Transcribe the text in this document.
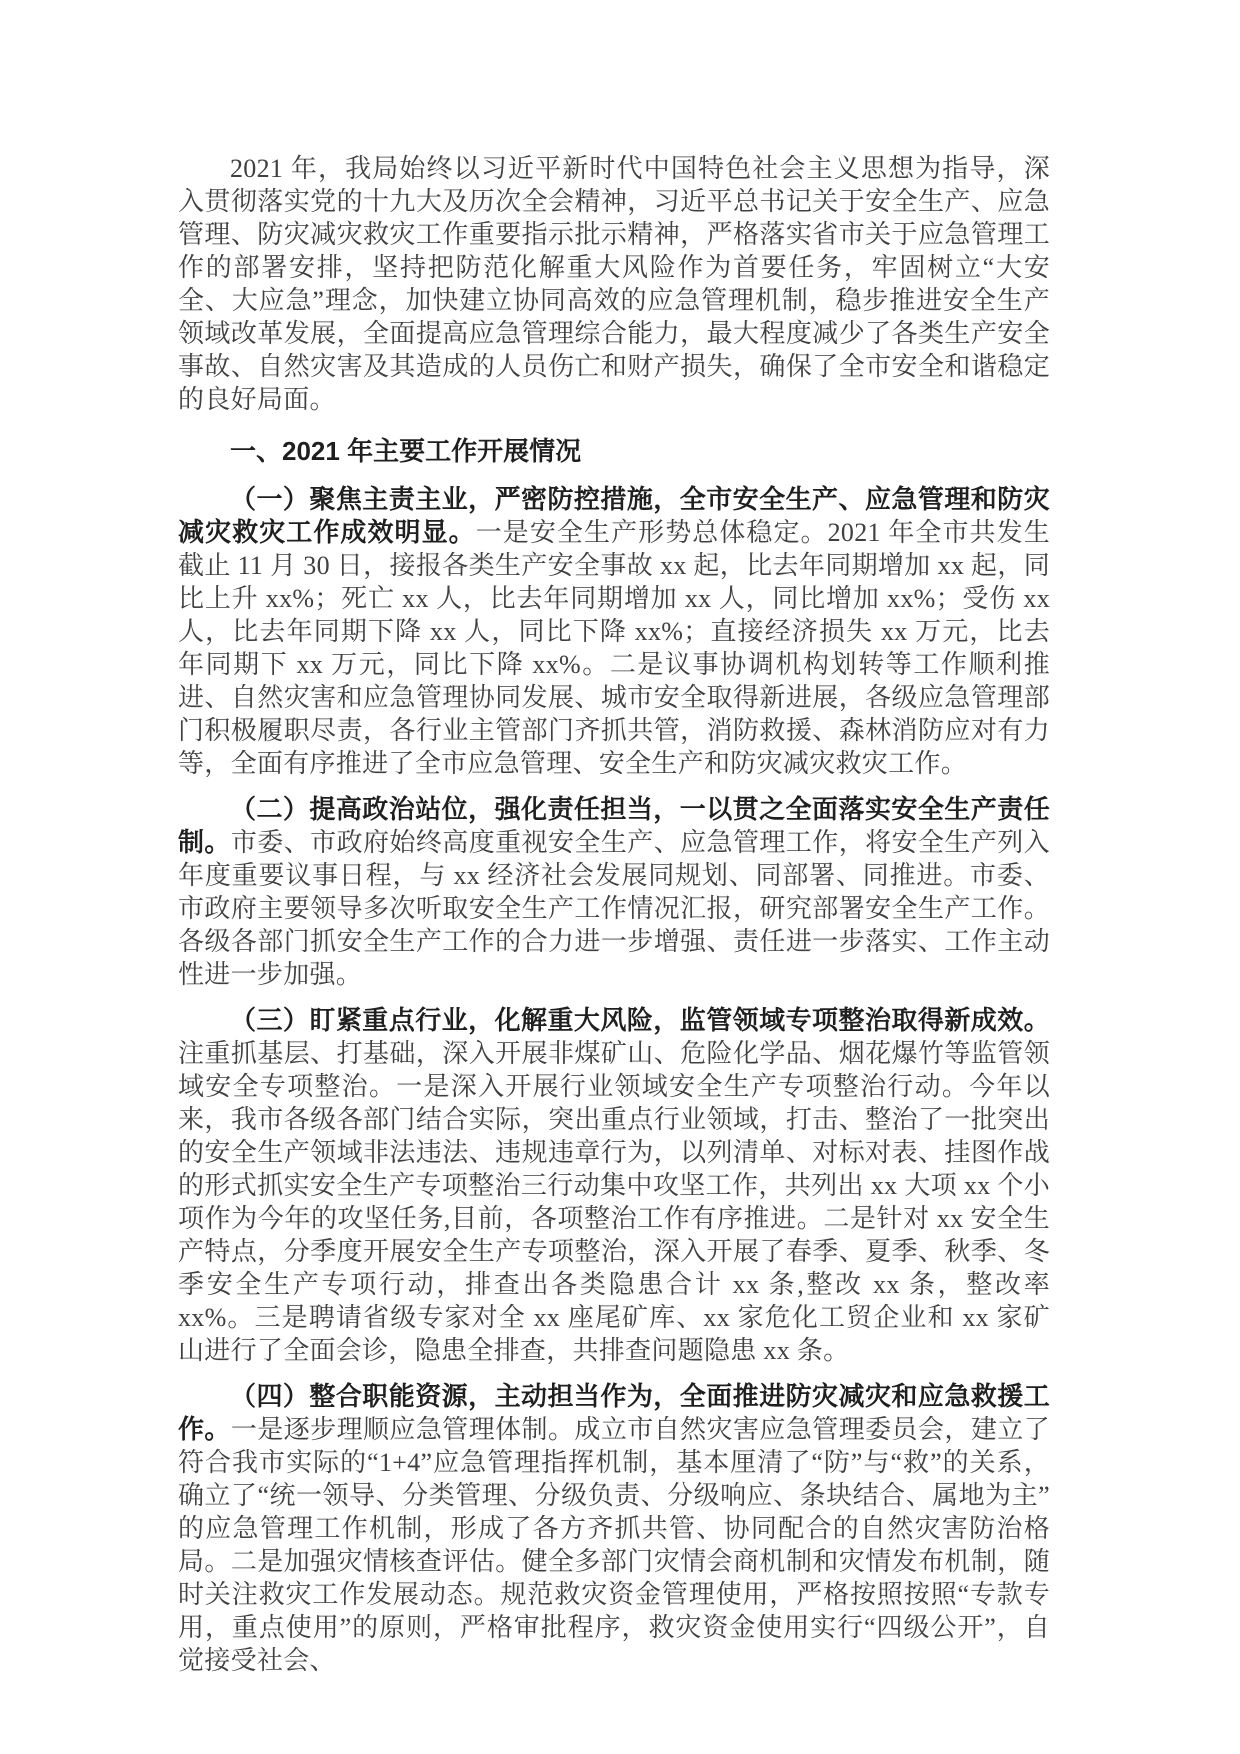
2021 年，我局始终以习近平新时代中国特色社会主义思想为指导，深入贯彻落实党的十九大及历次全会精神，习近平总书记关于安全生产、应急管理、防灾减灾救灾工作重要指示批示精神，严格落实省市关于应急管理工作的部署安排，坚持把防范化解重大风险作为首要任务，牢固树立“大安全、大应急”理念，加快建立协同高效的应急管理机制，稳步推进安全生产领域改革发展，全面提高应急管理综合能力，最大程度减少了各类生产安全事故、自然灾害及其造成的人员伤亡和财产损失，确保了全市安全和谐稳定的良好局面。

一、2021 年主要工作开展情况

（一）聚焦主责主业，严密防控措施，全市安全生产、应急管理和防灾减灾救灾工作成效明显。一是安全生产形势总体稳定。2021 年全市共发生截止 11 月 30 日，接报各类生产安全事故 xx 起，比去年同期增加 xx 起，同比上升 xx%；死亡 xx 人，比去年同期增加 xx 人，同比增加 xx%；受伤 xx 人，比去年同期下降 xx 人，同比下降 xx%；直接经济损失 xx 万元，比去年同期下 xx 万元，同比下降 xx%。二是议事协调机构划转等工作顺利推进、自然灾害和应急管理协同发展、城市安全取得新进展，各级应急管理部门积极履职尽责，各行业主管部门齐抓共管，消防救援、森林消防应对有力等，全面有序推进了全市应急管理、安全生产和防灾减灾救灾工作。

（二）提高政治站位，强化责任担当，一以贯之全面落实安全生产责任制。市委、市政府始终高度重视安全生产、应急管理工作，将安全生产列入年度重要议事日程，与 xx 经济社会发展同规划、同部署、同推进。市委、市政府主要领导多次听取安全生产工作情况汇报，研究部署安全生产工作。各级各部门抓安全生产工作的合力进一步增强、责任进一步落实、工作主动性进一步加强。

（三）盯紧重点行业，化解重大风险，监管领域专项整治取得新成效。注重抓基层、打基础，深入开展非煤矿山、危险化学品、烟花爆竹等监管领域安全专项整治。一是深入开展行业领域安全生产专项整治行动。今年以来，我市各级各部门结合实际，突出重点行业领域，打击、整治了一批突出的安全生产领域非法违法、违规违章行为，以列清单、对标对表、挂图作战的形式抓实安全生产专项整治三行动集中攻坚工作，共列出 xx 大项 xx 个小项作为今年的攻坚任务,目前，各项整治工作有序推进。二是针对 xx 安全生产特点，分季度开展安全生产专项整治，深入开展了春季、夏季、秋季、冬季安全生产专项行动，排查出各类隐患合计 xx 条,整改 xx 条，整改率 xx%。三是聘请省级专家对全 xx 座尾矿库、xx 家危化工贸企业和 xx 家矿山进行了全面会诊，隐患全排查，共排查问题隐患 xx 条。

（四）整合职能资源，主动担当作为，全面推进防灾减灾和应急救援工作。一是逐步理顺应急管理体制。成立市自然灾害应急管理委员会，建立了符合我市实际的“1+4”应急管理指挥机制，基本厘清了“防”与“救”的关系，确立了“统一领导、分类管理、分级负责、分级响应、条块结合、属地为主”的应急管理工作机制，形成了各方齐抓共管、协同配合的自然灾害防治格局。二是加强灾情核查评估。健全多部门灾情会商机制和灾情发布机制，随时关注救灾工作发展动态。规范救灾资金管理使用，严格按照按照“专款专用，重点使用”的原则，严格审批程序，救灾资金使用实行“四级公开”，自觉接受社会、
